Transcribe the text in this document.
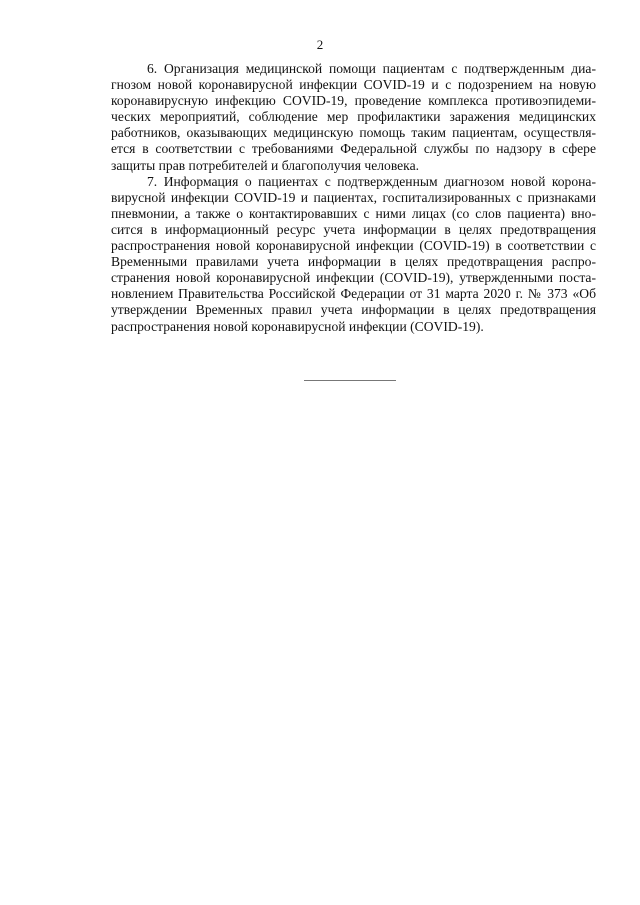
2
6. Организация медицинской помощи пациентам с подтвержденным диа-
гнозом новой коронавирусной инфекции COVID-19 и с подозрением на новую
коронавирусную инфекцию COVID-19, проведение комплекса противоэпидеми-
ческих мероприятий, соблюдение мер профилактики заражения медицинских
работников, оказывающих медицинскую помощь таким пациентам, осуществля-
ется в соответствии с требованиями Федеральной службы по надзору в сфере
защиты прав потребителей и благополучия человека.
7. Информация о пациентах с подтвержденным диагнозом новой корона-
вирусной инфекции COVID-19 и пациентах, госпитализированных с признаками
пневмонии, а также о контактировавших с ними лицах (со слов пациента) вно-
сится в информационный ресурс учета информации в целях предотвращения
распространения новой коронавирусной инфекции (COVID-19) в соответствии с
Временными правилами учета информации в целях предотвращения распро-
странения новой коронавирусной инфекции (COVID-19), утвержденными поста-
новлением Правительства Российской Федерации от 31 марта 2020 г. № 373 «Об
утверждении Временных правил учета информации в целях предотвращения
распространения новой коронавирусной инфекции (COVID-19).
